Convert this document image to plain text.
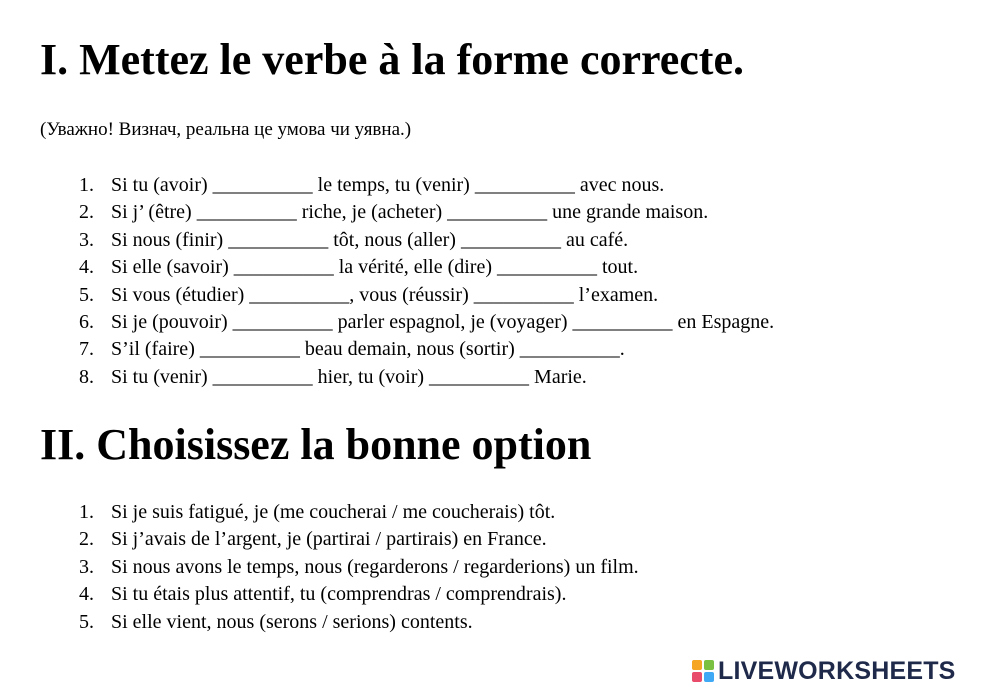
I. Mettez le verbe à la forme correcte.
(Уважно! Визнач, реальна це умова чи уявна.)
1. Si tu (avoir) __________ le temps, tu (venir) __________ avec nous.
2. Si j’ (être) __________ riche, je (acheter) __________ une grande maison.
3. Si nous (finir) __________ tôt, nous (aller) __________ au café.
4. Si elle (savoir) __________ la vérité, elle (dire) __________ tout.
5. Si vous (étudier) __________, vous (réussir) __________ l’examen.
6. Si je (pouvoir) __________ parler espagnol, je (voyager) __________ en Espagne.
7. S’il (faire) __________ beau demain, nous (sortir) __________.
8. Si tu (venir) __________ hier, tu (voir) __________ Marie.
II. Choisissez la bonne option
1. Si je suis fatigué, je (me coucherai / me coucherais) tôt.
2. Si j’avais de l’argent, je (partirai / partirais) en France.
3. Si nous avons le temps, nous (regarderons / regarderions) un film.
4. Si tu étais plus attentif, tu (comprendras / comprendrais).
5. Si elle vient, nous (serons / serions) contents.
LIVEWORKSHEETS
